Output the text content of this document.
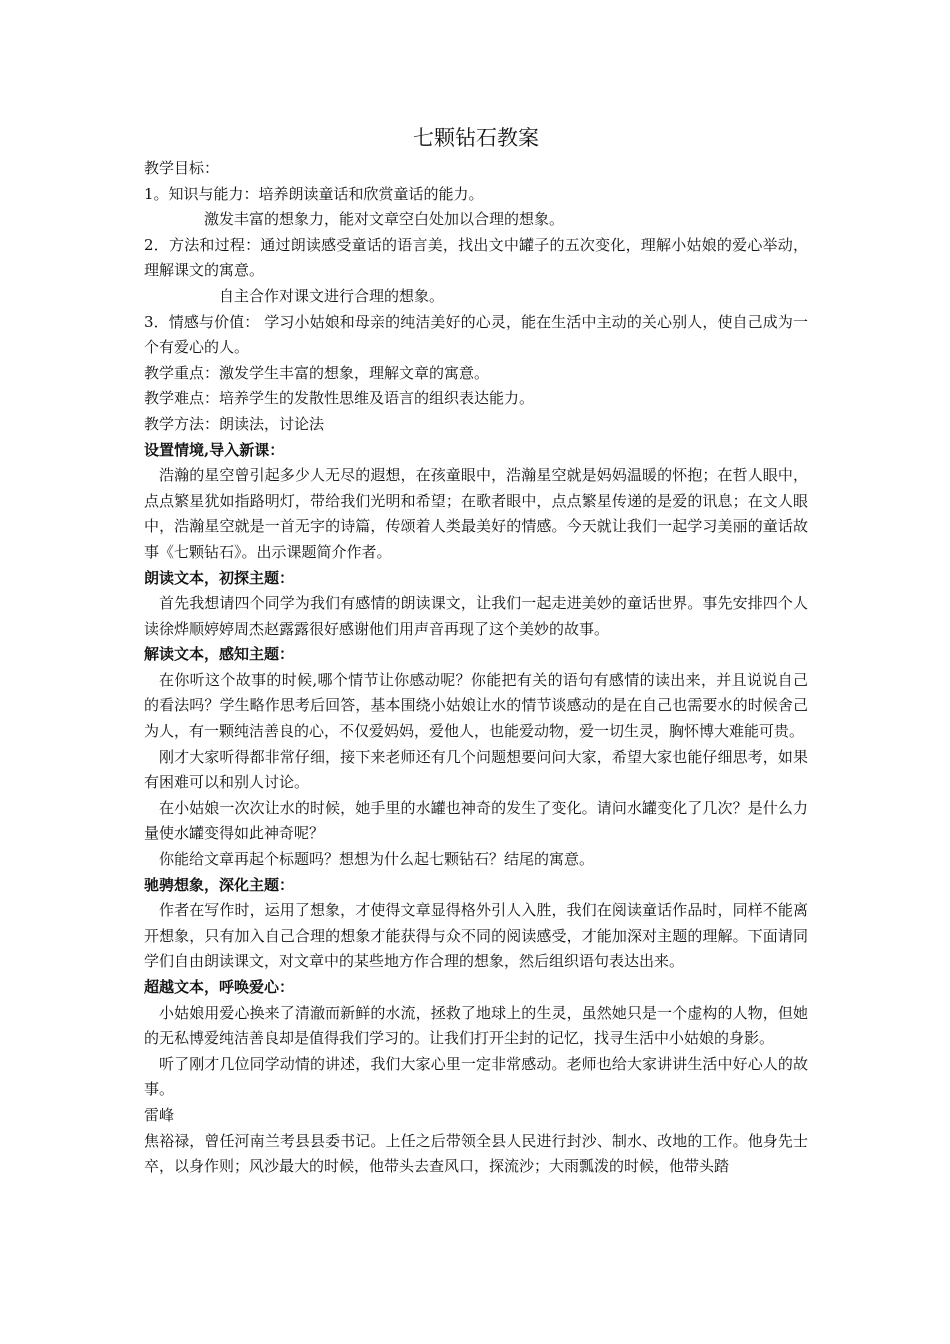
七颗钻石教案

教学目标：

1。知识与能力：培养朗读童话和欣赏童话的能力。

激发丰富的想象力，能对文章空白处加以合理的想象。

2．方法和过程：通过朗读感受童话的语言美，找出文中罐子的五次变化，理解小姑娘的爱心举动，理解课文的寓意。

自主合作对课文进行合理的想象。

3．情感与价值： 学习小姑娘和母亲的纯洁美好的心灵，能在生活中主动的关心别人，使自己成为一个有爱心的人。

教学重点：激发学生丰富的想象，理解文章的寓意。

教学难点：培养学生的发散性思维及语言的组织表达能力。

教学方法：朗读法，讨论法

设置情境,导入新课：

浩瀚的星空曾引起多少人无尽的遐想，在孩童眼中，浩瀚星空就是妈妈温暖的怀抱；在哲人眼中，点点繁星犹如指路明灯，带给我们光明和希望；在歌者眼中，点点繁星传递的是爱的讯息；在文人眼中，浩瀚星空就是一首无字的诗篇，传颂着人类最美好的情感。今天就让我们一起学习美丽的童话故事《七颗钻石》。出示课题简介作者。

朗读文本，初探主题：

首先我想请四个同学为我们有感情的朗读课文，让我们一起走进美妙的童话世界。事先安排四个人读徐烨顺婷婷周杰赵露露很好感谢他们用声音再现了这个美妙的故事。

解读文本，感知主题：

在你听这个故事的时候,哪个情节让你感动呢？你能把有关的语句有感情的读出来，并且说说自己的看法吗？学生略作思考后回答，基本围绕小姑娘让水的情节谈感动的是在自己也需要水的时候舍己为人，有一颗纯洁善良的心，不仅爱妈妈，爱他人，也能爱动物，爱一切生灵，胸怀博大难能可贵。

刚才大家听得都非常仔细，接下来老师还有几个问题想要问问大家，希望大家也能仔细思考，如果有困难可以和别人讨论。

在小姑娘一次次让水的时候，她手里的水罐也神奇的发生了变化。请问水罐变化了几次？是什么力量使水罐变得如此神奇呢？

你能给文章再起个标题吗？想想为什么起七颗钻石？结尾的寓意。

驰骋想象，深化主题：

作者在写作时，运用了想象，才使得文章显得格外引人入胜，我们在阅读童话作品时，同样不能离开想象，只有加入自己合理的想象才能获得与众不同的阅读感受，才能加深对主题的理解。下面请同学们自由朗读课文，对文章中的某些地方作合理的想象，然后组织语句表达出来。

超越文本，呼唤爱心：

小姑娘用爱心换来了清澈而新鲜的水流，拯救了地球上的生灵，虽然她只是一个虚构的人物，但她的无私博爱纯洁善良却是值得我们学习的。让我们打开尘封的记忆，找寻生活中小姑娘的身影。

听了刚才几位同学动情的讲述，我们大家心里一定非常感动。老师也给大家讲讲生活中好心人的故事。

雷峰

焦裕禄，曾任河南兰考县县委书记。上任之后带领全县人民进行封沙、制水、改地的工作。他身先士卒，以身作则；风沙最大的时候，他带头去查风口，探流沙；大雨瓢泼的时候，他带头踏
